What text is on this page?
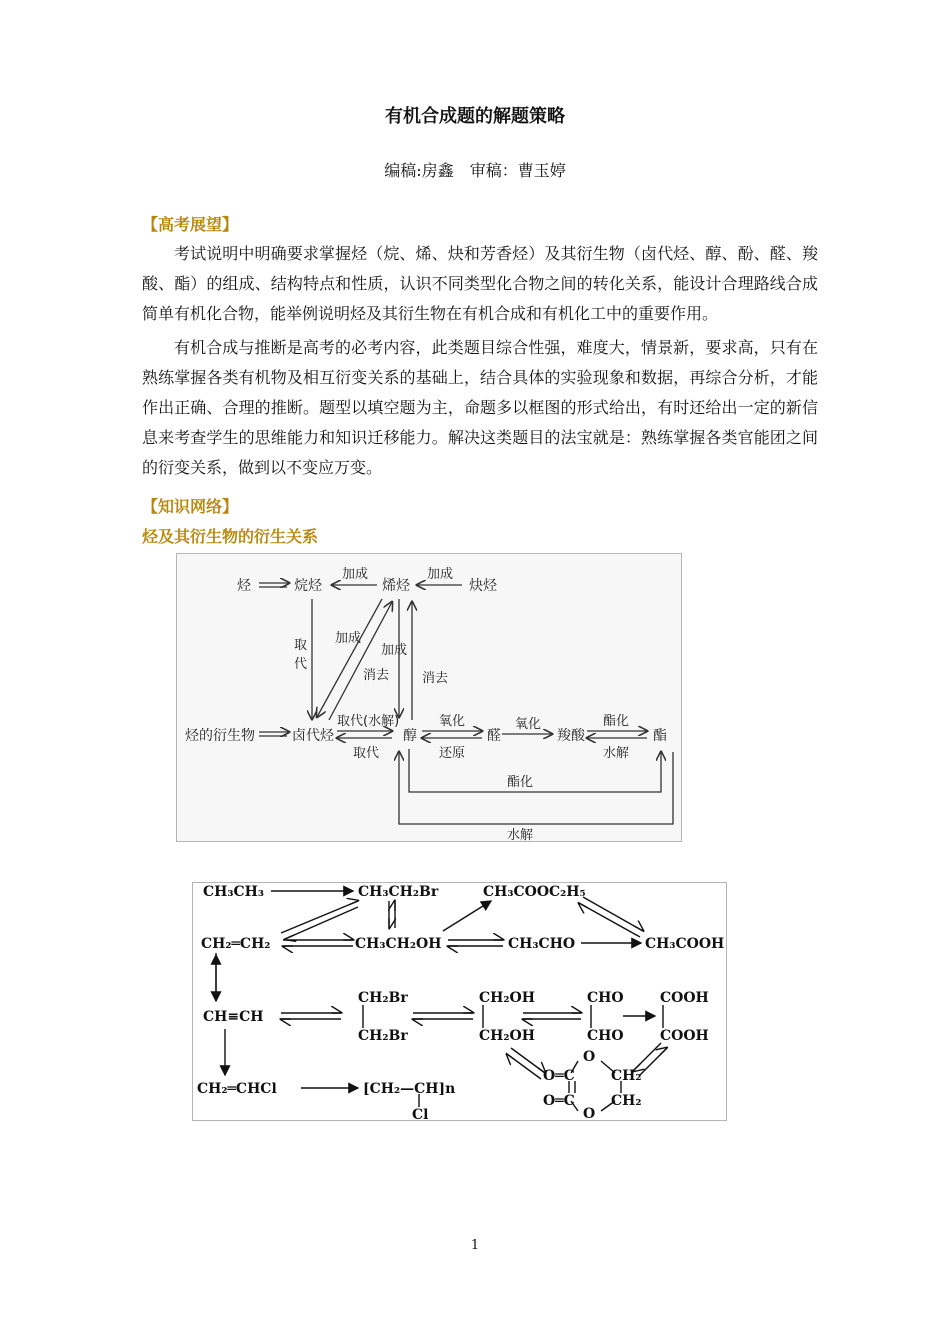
有机合成题的解题策略
编稿:房鑫　审稿：曹玉婷
【高考展望】

考试说明中明确要求掌握烃（烷、烯、炔和芳香烃）及其衍生物（卤代烃、醇、酚、醛、羧酸、酯）的组成、结构特点和性质，认识不同类型化合物之间的转化关系，能设计合理路线合成简单有机化合物，能举例说明烃及其衍生物在有机合成和有机化工中的重要作用。

有机合成与推断是高考的必考内容，此类题目综合性强，难度大，情景新，要求高，只有在熟练掌握各类有机物及相互衍变关系的基础上，结合具体的实验现象和数据，再综合分析，才能作出正确、合理的推断。题型以填空题为主，命题多以框图的形式给出，有时还给出一定的新信息来考查学生的思维能力和知识迁移能力。解决这类题目的法宝就是：熟练掌握各类官能团之间的衍变关系，做到以不变应万变。

【知识网络】
烃及其衍生物的衍生关系
烃	烷烃	烯烃	炔烃
烃的衍生物	卤代烃	醇	醛	羧酸	酯
加成	加成
取
代
加成
消去
加成
消去
取代(水解)
取代
氧化
还原
氧化	酯化
水解
酯化
水解
CH₃CH₃	CH₃CH₂Br	CH₃COOC₂H₅
CH₂═CH₂	CH₃CH₂OH	CH₃CHO	CH₃COOH
CH≡CH
CH₂Br
CH₂Br
CH₂OH
CH₂OH
CHO
CHO
COOH
COOH
O
O
O═C
O═C
CH₂
CH₂
CH₂═CHCl	[CH₂—CH]n
Cl
1
